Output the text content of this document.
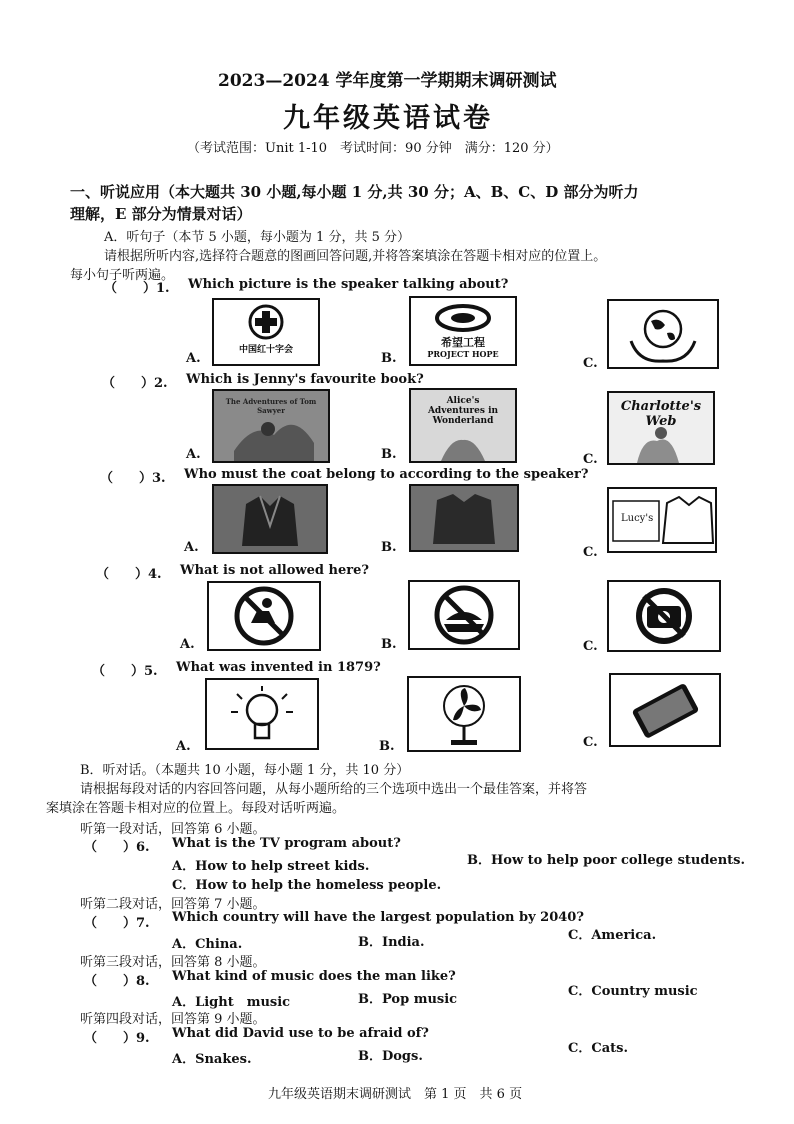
2023—2024 学年度第一学期期末调研测试
九年级英语试卷
（考试范围：Unit 1-10　考试时间：90 分钟　满分：120 分）
一、听说应用（本大题共 30 小题,每小题 1 分,共 30 分；A、B、C、D 部分为听力
理解，E 部分为情景对话）
A．听句子（本节 5 小题，每小题为 1 分，共 5 分）
请根据所听内容,选择符合题意的图画回答问题,并将答案填涂在答题卡相对应的位置上。
每小句子听两遍。
（　　）1. Which picture is the speaker talking about?
A.
中国红十字会
B.
希望工程
PROJECT HOPE
C.
（　　）2. Which is Jenny's favourite book?
A.
The Adventures of Tom Sawyer
B.
Alice's Adventures in Wonderland
C.
Charlotte's Web
（　　）3. Who must the coat belong to according to the speaker?
A.	B.	C.
Lucy's
（　　）4. What is not allowed here?
A.	B.	C.
（　　）5. What was invented in 1879?
A.	B.	C.
B．听对话。（本题共 10 小题，每小题 1 分，共 10 分）
请根据每段对话的内容回答问题，从每小题所给的三个选项中选出一个最佳答案，并将答
案填涂在答题卡相对应的位置上。每段对话听两遍。
听第一段对话，回答第 6 小题。
（　　）6. What is the TV program about?
A．How to help street kids.	B．How to help poor college students.
C．How to help the homeless people.
听第二段对话，回答第 7 小题。
（　　）7. Which country will have the largest population by 2040?
A．China.	B．India.	C．America.
听第三段对话，回答第 8 小题。
（　　）8. What kind of music does the man like?
A．Light　music	B．Pop music
C．Country music
听第四段对话，回答第 9 小题。
（　　）9. What did David use to be afraid of?
A．Snakes.	B．Dogs.
C．Cats.
九年级英语期末调研测试　第 1 页　共 6 页
